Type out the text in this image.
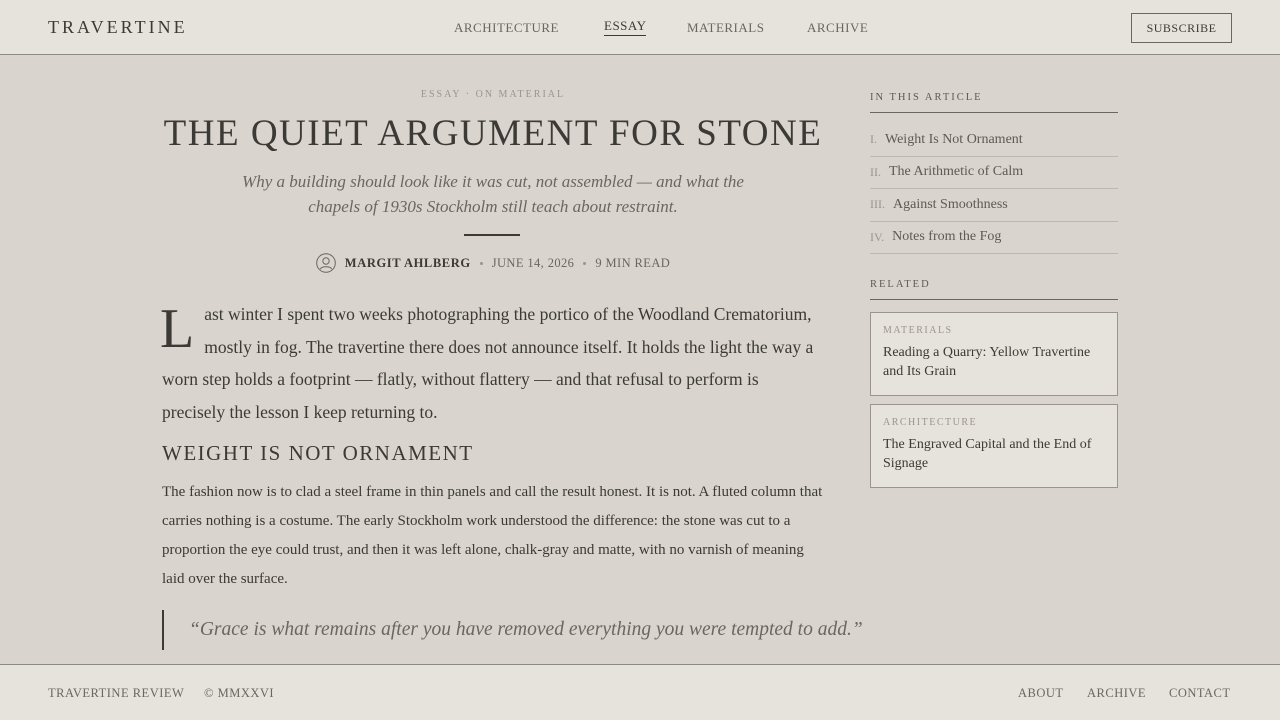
TRAVERTINE	ARCHITECTURE	ESSAY	MATERIALS	ARCHIVE	SUBSCRIBE
ESSAY · ON MATERIAL
THE QUIET ARGUMENT FOR STONE

Why a building should look like it was cut, not assembled — and what the chapels of 1930s Stockholm still teach about restraint.

MARGIT AHLBERG JUNE 14, 2026 9 MIN READ

Last winter I spent two weeks photographing the portico of the Woodland Crematorium, mostly in fog. The travertine there does not announce itself. It holds the light the way a worn step holds a footprint — flatly, without flattery — and that refusal to perform is precisely the lesson I keep returning to.

WEIGHT IS NOT ORNAMENT

The fashion now is to clad a steel frame in thin panels and call the result honest. It is not. A fluted column that carries nothing is a costume. The early Stockholm work understood the difference: the stone was cut to a proportion the eye could trust, and then it was left alone, chalk-gray and matte, with no varnish of meaning laid over the surface.

“Grace is what remains after you have removed everything you were tempted to add.”
IN THIS ARTICLE
I. Weight Is Not Ornament
II. The Arithmetic of Calm
III. Against Smoothness
IV. Notes from the Fog
RELATED
MATERIALS
Reading a Quarry: Yellow Travertine and Its Grain
ARCHITECTURE
The Engraved Capital and the End of Signage
TRAVERTINE REVIEW © MMXXVI	ABOUT ARCHIVE CONTACT
